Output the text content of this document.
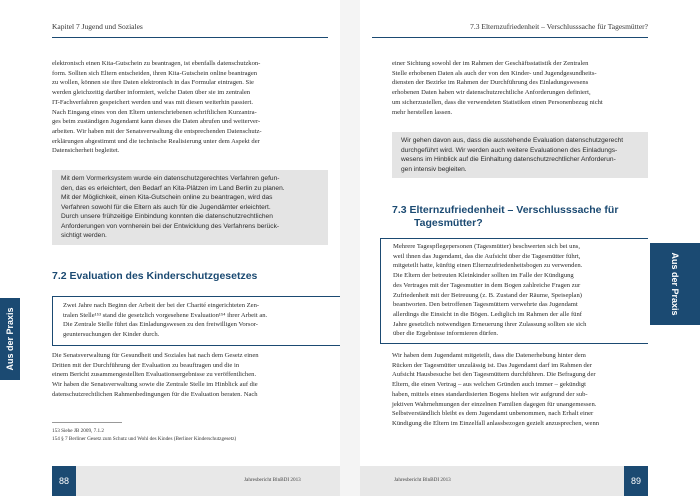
Kapitel 7 Jugend und Soziales

elektronisch einen Kita-Gutschein zu beantragen, ist ebenfalls datenschutzkon-

form. Sollten sich Eltern entscheiden, ihren Kita-Gutschein online beantragen

zu wollen, können sie ihre Daten elektronisch in das Formular eintragen. Sie

werden gleichzeitig darüber informiert, welche Daten über sie im zentralen

IT-Fachverfahren gespeichert werden und was mit diesen weiterhin passiert.

Nach Eingang eines von den Eltern unterschriebenen schriftlichen Kurzantra-

ges beim zuständigen Jugendamt kann dieses die Daten abrufen und weiterver-

arbeiten. Wir haben mit der Senatsverwaltung die entsprechenden Datenschutz-

erklärungen abgestimmt und die technische Realisierung unter dem Aspekt der

Datensicherheit begleitet.

Mit dem Vormerksystem wurde ein datenschutzgerechtes Verfahren gefun-

den, das es erleichtert, den Bedarf an Kita-Plätzen im Land Berlin zu planen.

Mit der Möglichkeit, einen Kita-Gutschein online zu beantragen, wird das

Verfahren sowohl für die Eltern als auch für die Jugendämter erleichtert.

Durch unsere frühzeitige Einbindung konnten die datenschutzrechtlichen

Anforderungen von vornherein bei der Entwicklung des Verfahrens berück-

sichtigt werden.

7.2 Evaluation des Kinderschutzgesetzes

Zwei Jahre nach Beginn der Arbeit der bei der Charité eingerichteten Zen-

tralen Stelle¹⁵³ stand die gesetzlich vorgesehene Evaluation¹⁵⁴ ihrer Arbeit an.

Die Zentrale Stelle führt das Einladungswesen zu den freiwilligen Vorsor-

geuntersuchungen der Kinder durch.

Die Senatsverwaltung für Gesundheit und Soziales hat nach dem Gesetz einen

Dritten mit der Durchführung der Evaluation zu beauftragen und die in

einem Bericht zusammengestellten Evaluationsergebnisse zu veröffentlichen.

Wir haben die Senatsverwaltung sowie die Zentrale Stelle im Hinblick auf die

datenschutzrechtlichen Rahmenbedingungen für die Evaluation beraten. Nach

153 Siehe JB 2009, 7.1.2

154 § 7 Berliner Gesetz zum Schutz und Wohl des Kindes (Berliner Kinderschutzgesetz)

Aus der Praxis
88	Jahresbericht BlnBDI 2013
7.3 Elternzufriedenheit – Verschlusssache für Tagesmütter?

einer Sichtung sowohl der im Rahmen der Geschäftsstatistik der Zentralen

Stelle erhobenen Daten als auch der von den Kinder- und Jugendgesundheits-

diensten der Bezirke im Rahmen der Durchführung des Einladungswesens

erhobenen Daten haben wir datenschutzrechtliche Anforderungen definiert,

um sicherzustellen, dass die verwendeten Statistiken einen Personenbezug nicht

mehr herstellen lassen.

Wir gehen davon aus, dass die ausstehende Evaluation datenschutzgerecht

durchgeführt wird. Wir werden auch weitere Evaluationen des Einladungs-

wesens im Hinblick auf die Einhaltung datenschutzrechtlicher Anforderun-

gen intensiv begleiten.

7.3 Elternzufriedenheit – Verschlusssache für
Tagesmütter?

Mehrere Tagespflegepersonen (Tagesmütter) beschwerten sich bei uns,

weil ihnen das Jugendamt, das die Aufsicht über die Tagesmütter führt,

mitgeteilt hatte, künftig einen Elternzufriedenheitsbogen zu verwenden.

Die Eltern der betreuten Kleinkinder sollten im Falle der Kündigung

des Vertrages mit der Tagesmutter in dem Bogen zahlreiche Fragen zur

Zufriedenheit mit der Betreuung (z. B. Zustand der Räume, Speiseplan)

beantworten. Den betroffenen Tagesmüttern verwehrte das Jugendamt

allerdings die Einsicht in die Bögen. Lediglich im Rahmen der alle fünf

Jahre gesetzlich notwendigen Erneuerung ihrer Zulassung sollten sie sich

über die Ergebnisse informieren dürfen.

Wir haben dem Jugendamt mitgeteilt, dass die Datenerhebung hinter dem

Rücken der Tagesmütter unzulässig ist. Das Jugendamt darf im Rahmen der

Aufsicht Hausbesuche bei den Tagesmüttern durchführen. Die Befragung der

Eltern, die einen Vertrag – aus welchen Gründen auch immer – gekündigt

haben, mittels eines standardisierten Bogens hielten wir aufgrund der sub-

jektiven Wahrnehmungen der einzelnen Familien dagegen für unangemessen.

Selbstverständlich bleibt es dem Jugendamt unbenommen, nach Erhalt einer

Kündigung die Eltern im Einzelfall anlassbezogen gezielt anzusprechen, wenn

Aus der Praxis
89
Jahresbericht BlnBDI 2013
